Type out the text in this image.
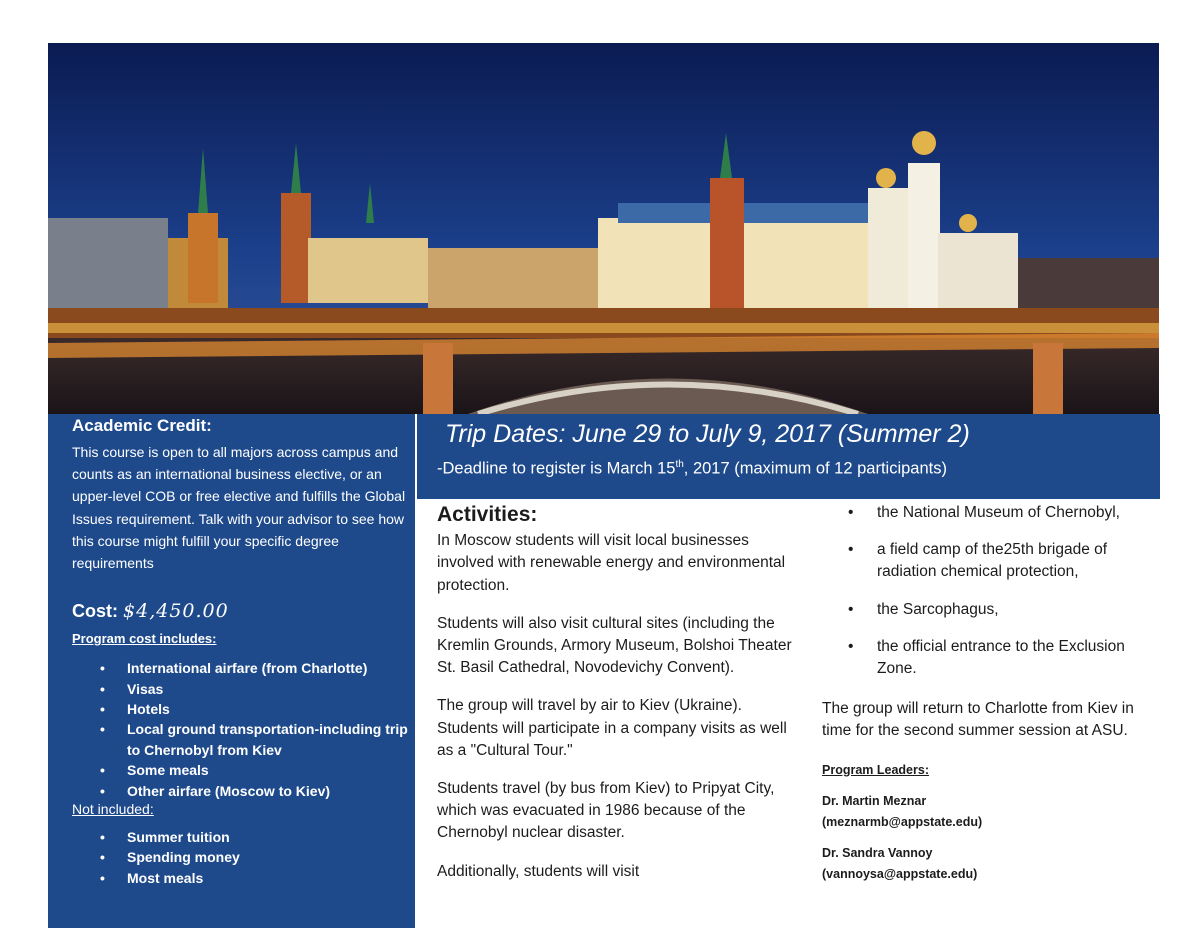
Academic Credit:
This course is open to all majors across campus and counts as an international business elective, or an upper-level COB or free elective and fulfills the Global Issues requirement. Talk with your advisor to see how this course might fulfill your specific degree requirements
Cost: $4,450.00
Program cost includes:
• International airfare (from Charlotte)
• Visas
• Hotels
• Local ground transportation-including trip to Chernobyl from Kiev
• Some meals
• Other airfare (Moscow to Kiev)
Not included:
• Summer tuition
• Spending money
• Most meals
Trip Dates: June 29 to July 9, 2017 (Summer 2)
-Deadline to register is March 15th, 2017 (maximum of 12 participants)
Activities:

In Moscow students will visit local businesses involved with renewable energy and environmental protection.

Students will also visit cultural sites (including the Kremlin Grounds, Armory Museum, Bolshoi Theater St. Basil Cathedral, Novodevichy Convent).

The group will travel by air to Kiev (Ukraine). Students will participate in a company visits as well as a "Cultural Tour."

Students travel (by bus from Kiev) to Pripyat City, which was evacuated in 1986 because of the Chernobyl nuclear disaster.

Additionally, students will visit

• the National Museum of Chernobyl,
• a field camp of the25th brigade of radiation chemical protection,
• the Sarcophagus,
• the official entrance to the Exclusion Zone.

The group will return to Charlotte from Kiev in time for the second summer session at ASU.

Program Leaders:
Dr. Martin Meznar
(meznarmb@appstate.edu)
Dr. Sandra Vannoy
(vannoysa@appstate.edu)
